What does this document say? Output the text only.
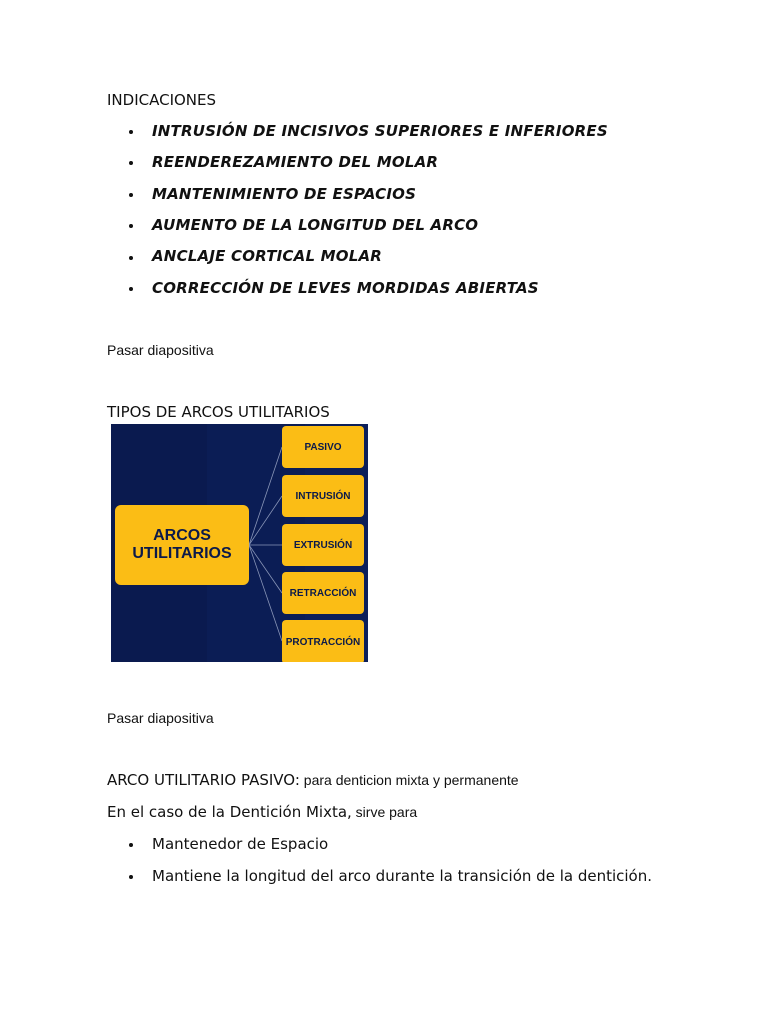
INDICACIONES
INTRUSIÓN DE INCISIVOS SUPERIORES E INFERIORES
REENDEREZAMIENTO DEL MOLAR
MANTENIMIENTO DE ESPACIOS
AUMENTO DE LA LONGITUD DEL ARCO
ANCLAJE CORTICAL MOLAR
CORRECCIÓN DE LEVES MORDIDAS ABIERTAS
Pasar diapositiva
TIPOS DE ARCOS UTILITARIOS
ARCOS
UTILITARIOS
PASIVO
INTRUSIÓN
EXTRUSIÓN
RETRACCIÓN
PROTRACCIÓN
Pasar diapositiva
ARCO UTILITARIO PASIVO: para denticion mixta y permanente
En el caso de la Dentición Mixta, sirve para
Mantenedor de Espacio
Mantiene la longitud del arco durante la transición de la dentición.
